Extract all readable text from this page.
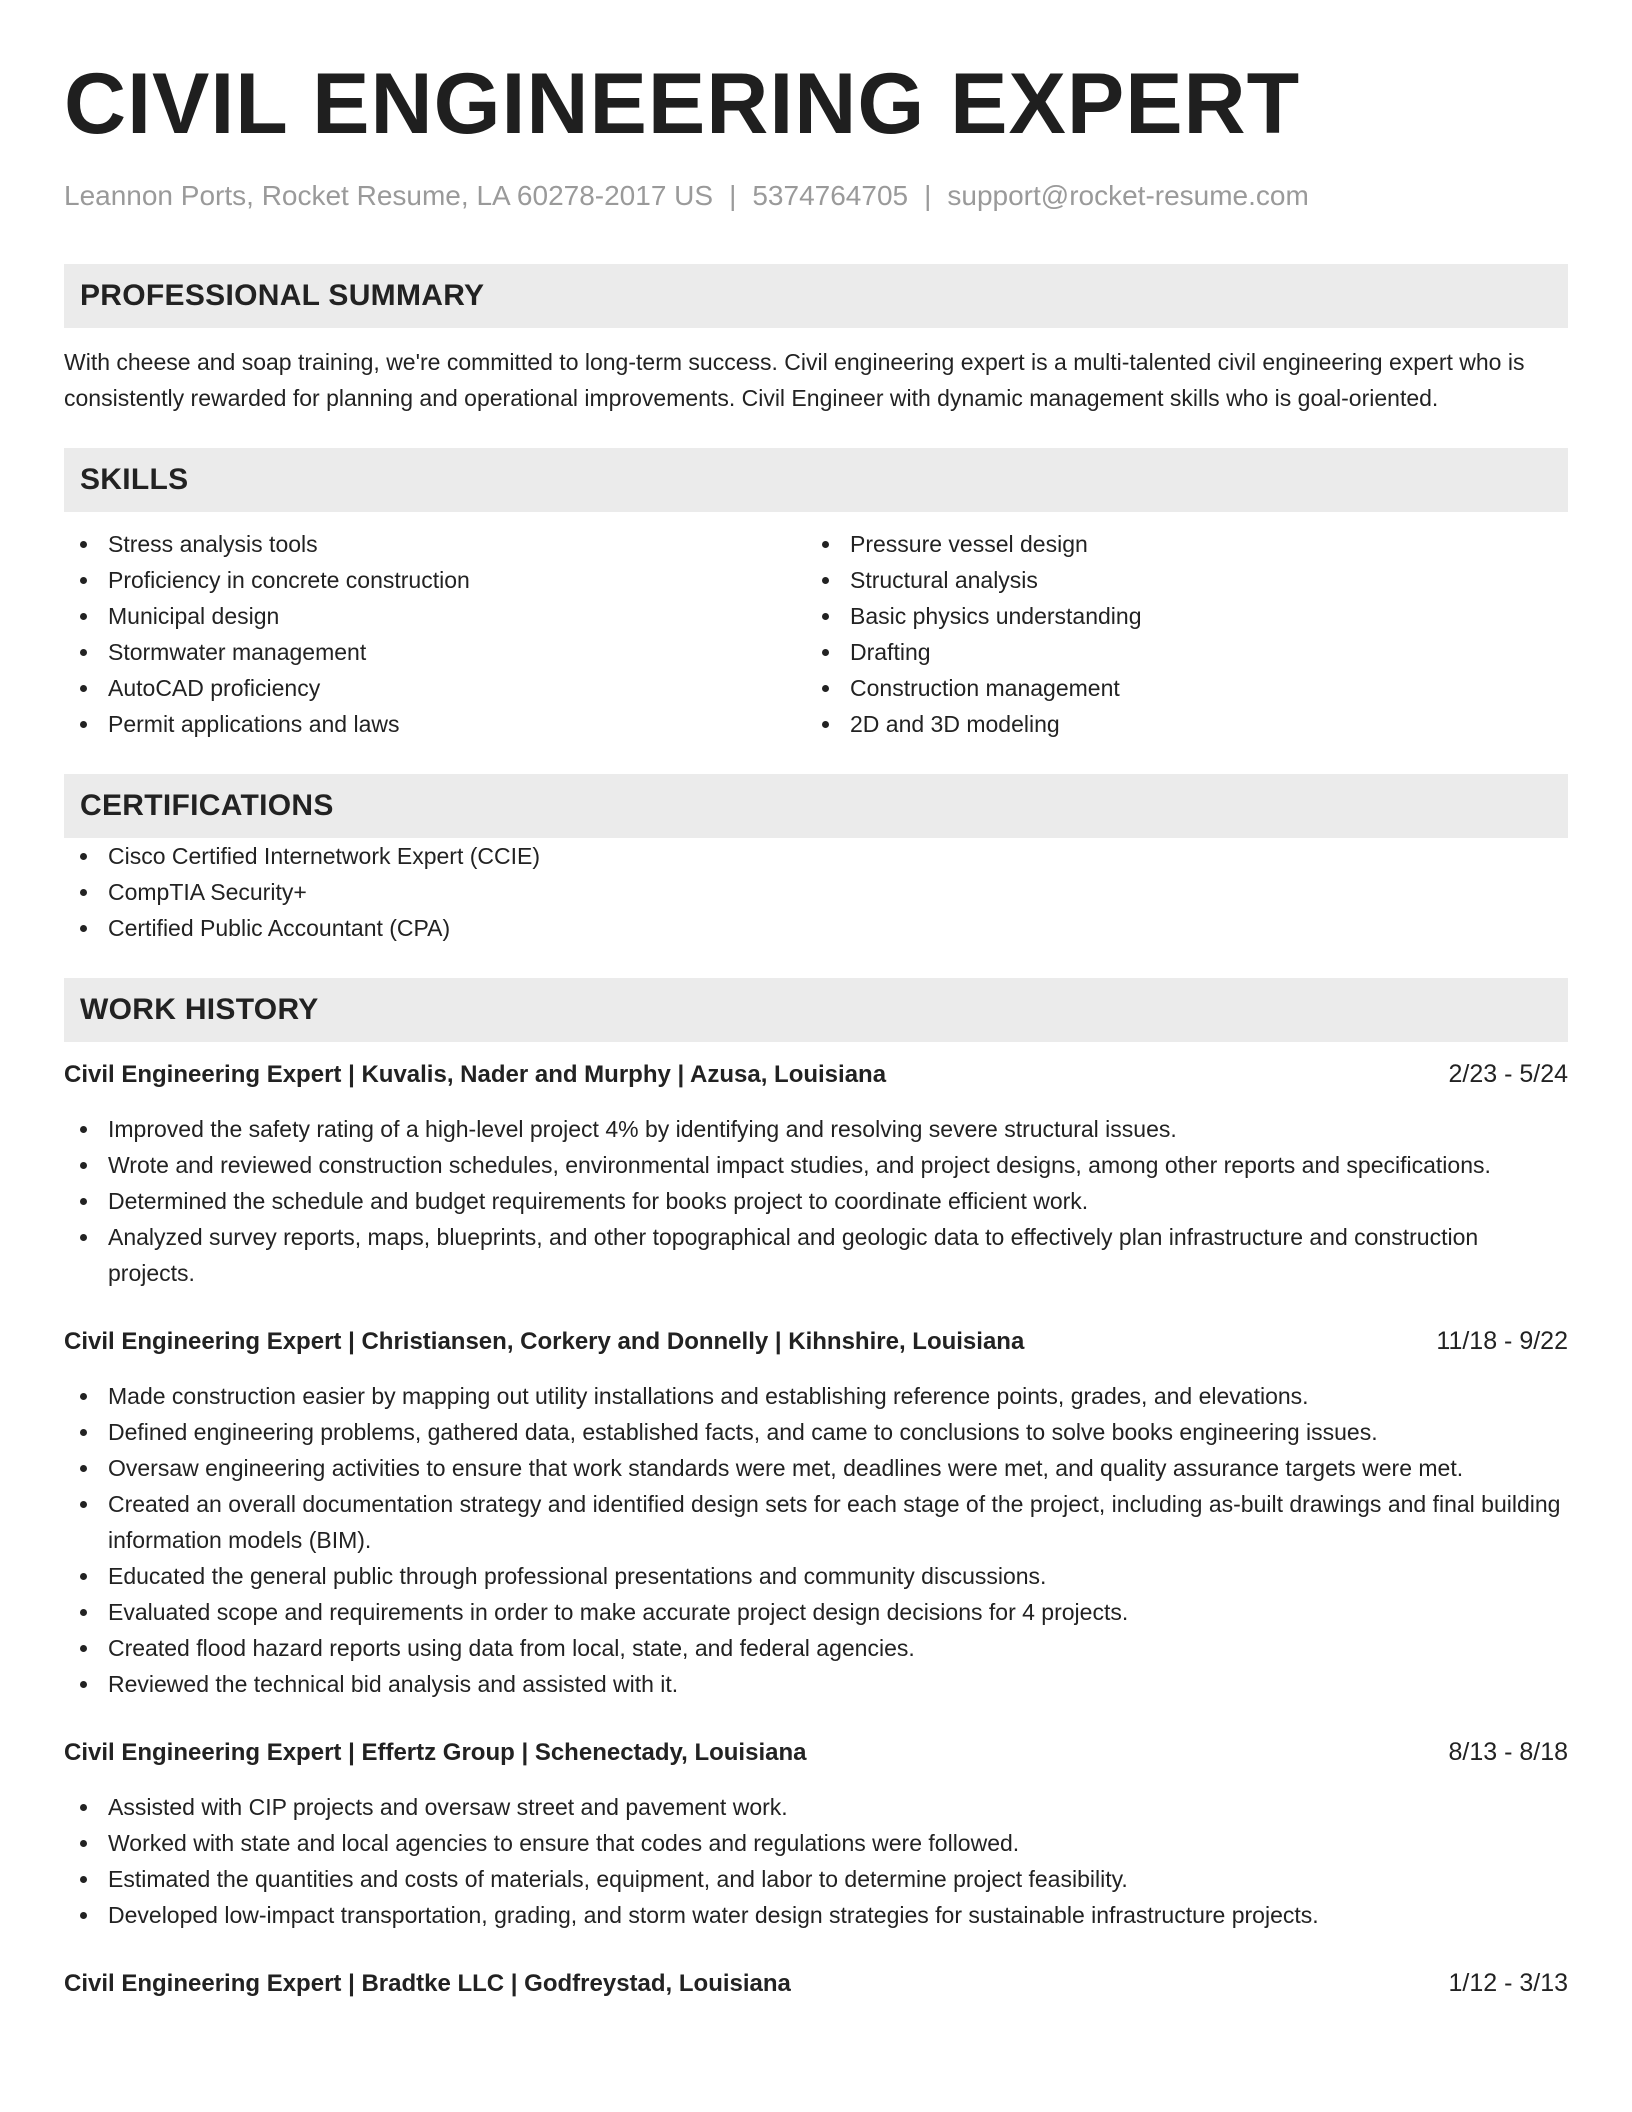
CIVIL ENGINEERING EXPERT
Leannon Ports, Rocket Resume, LA 60278-2017 US | 5374764705 | support@rocket-resume.com
PROFESSIONAL SUMMARY
With cheese and soap training, we're committed to long-term success. Civil engineering expert is a multi-talented civil engineering expert who is consistently rewarded for planning and operational improvements. Civil Engineer with dynamic management skills who is goal-oriented.
SKILLS
Stress analysis tools
Proficiency in concrete construction
Municipal design
Stormwater management
AutoCAD proficiency
Permit applications and laws
Pressure vessel design
Structural analysis
Basic physics understanding
Drafting
Construction management
2D and 3D modeling
CERTIFICATIONS
Cisco Certified Internetwork Expert (CCIE)
CompTIA Security+
Certified Public Accountant (CPA)
WORK HISTORY
Civil Engineering Expert | Kuvalis, Nader and Murphy | Azusa, Louisiana	2/23 - 5/24
Improved the safety rating of a high-level project 4% by identifying and resolving severe structural issues.
Wrote and reviewed construction schedules, environmental impact studies, and project designs, among other reports and specifications.
Determined the schedule and budget requirements for books project to coordinate efficient work.
Analyzed survey reports, maps, blueprints, and other topographical and geologic data to effectively plan infrastructure and construction projects.
Civil Engineering Expert | Christiansen, Corkery and Donnelly | Kihnshire, Louisiana	11/18 - 9/22
Made construction easier by mapping out utility installations and establishing reference points, grades, and elevations.
Defined engineering problems, gathered data, established facts, and came to conclusions to solve books engineering issues.
Oversaw engineering activities to ensure that work standards were met, deadlines were met, and quality assurance targets were met.
Created an overall documentation strategy and identified design sets for each stage of the project, including as-built drawings and final building information models (BIM).
Educated the general public through professional presentations and community discussions.
Evaluated scope and requirements in order to make accurate project design decisions for 4 projects.
Created flood hazard reports using data from local, state, and federal agencies.
Reviewed the technical bid analysis and assisted with it.
Civil Engineering Expert | Effertz Group | Schenectady, Louisiana	8/13 - 8/18
Assisted with CIP projects and oversaw street and pavement work.
Worked with state and local agencies to ensure that codes and regulations were followed.
Estimated the quantities and costs of materials, equipment, and labor to determine project feasibility.
Developed low-impact transportation, grading, and storm water design strategies for sustainable infrastructure projects.
Civil Engineering Expert | Bradtke LLC | Godfreystad, Louisiana	1/12 - 3/13
